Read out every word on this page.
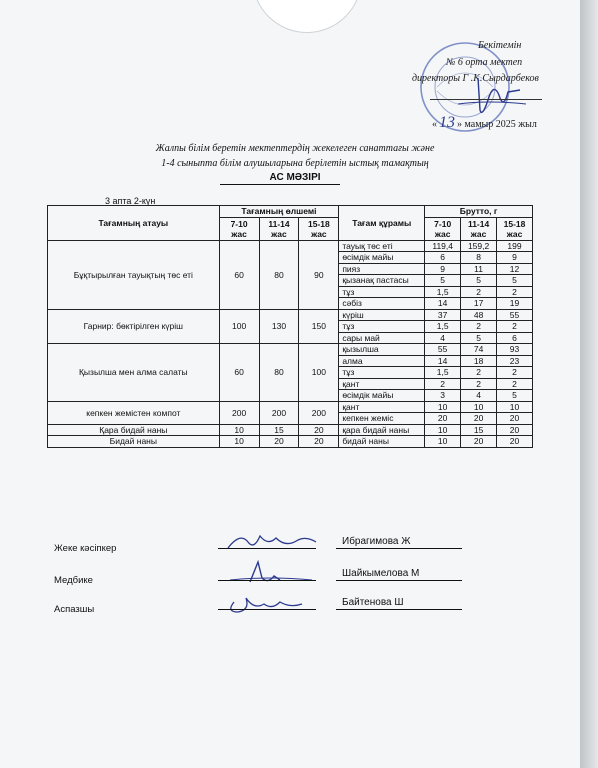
Бекітемін
№ 6 орта мектеп
директоры Г .К.Сырдарбеков
« 13 » мамыр 2025 жыл
Жалпы білім беретін мектептердің жекелеген санаттағы және
1-4 сыныпта білім алушыларына берілетін ыстық тамақтың
АС МӘЗІРІ
3 апта 2-күн
Тағамның атауы	Тағамның өлшемі			Тағам құрамы	Брутто, г		
	7-10 жас	11-14 жас	15-18 жас		7-10 жас	11-14 жас	15-18 жас
Бұқтырылған тауықтың төс еті	60	80	90	тауық төс еті	119,4	159,2	199
				өсімдік майы	6	8	9
				пияз	9	11	12
				қызанақ пастасы	5	5	5
				тұз	1,5	2	2
				сәбіз	14	17	19
Гарнир: бөктірілген күріш	100	130	150	күріш	37	48	55
				тұз	1,5	2	2
				сары май	4	5	6
Қызылша мен алма салаты	60	80	100	қызылша	55	74	93
				алма	14	18	23
				тұз	1,5	2	2
				қант	2	2	2
				өсімдік майы	3	4	5
кепкен жемістен компот	200	200	200	қант	10	10	10
				кепкен жеміс	20	20	20
Қара бидай наны	10	15	20	қара бидай наны	10	15	20
Бидай наны	10	20	20	бидай наны	10	20	20
Жеке кәсіпкер
Ибрагимова Ж
Медбике
Шайкымелова М
Аспазшы
Байтенова Ш
